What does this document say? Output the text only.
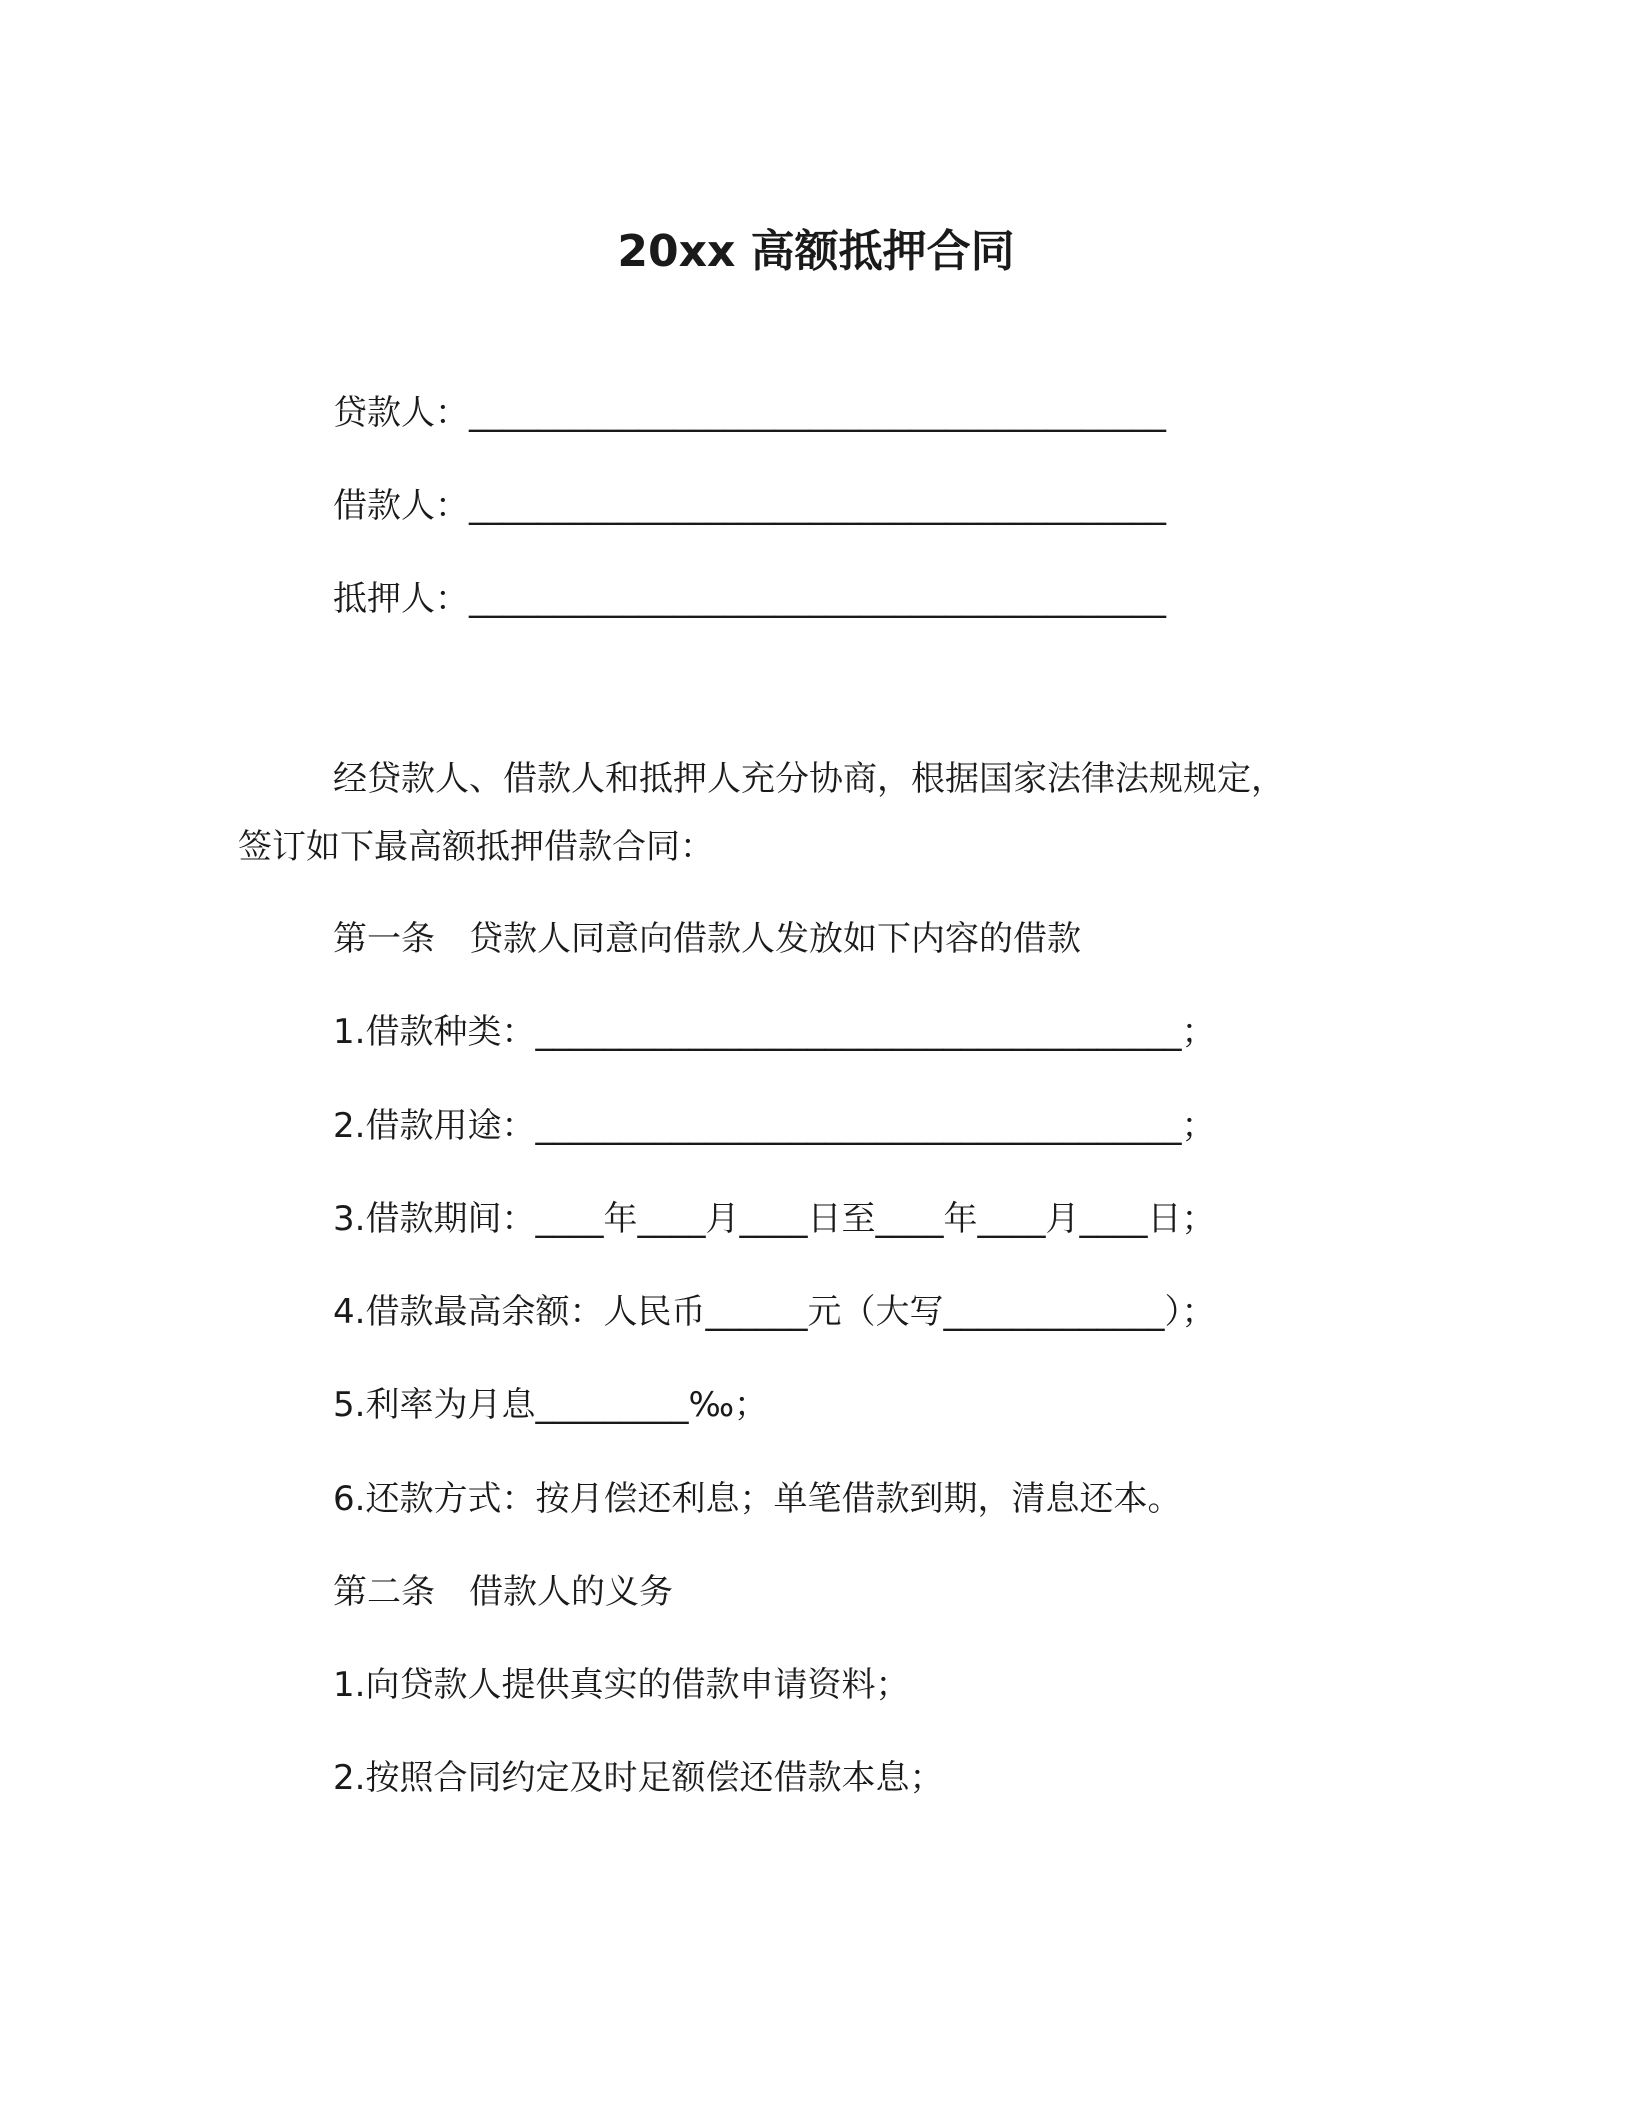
20xx 高额抵押合同
贷款人：_________________________________________
借款人：_________________________________________
抵押人：_________________________________________
经贷款人、借款人和抵押人充分协商，根据国家法律法规规定，
签订如下最高额抵押借款合同：
第一条　贷款人同意向借款人发放如下内容的借款
1.借款种类：______________________________________；
2.借款用途：______________________________________；
3.借款期间：____年____月____日至____年____月____日；
4.借款最高余额：人民币______元（大写_____________）；
5.利率为月息_________‰；
6.还款方式：按月偿还利息；单笔借款到期，清息还本。
第二条　借款人的义务
1.向贷款人提供真实的借款申请资料；
2.按照合同约定及时足额偿还借款本息；
